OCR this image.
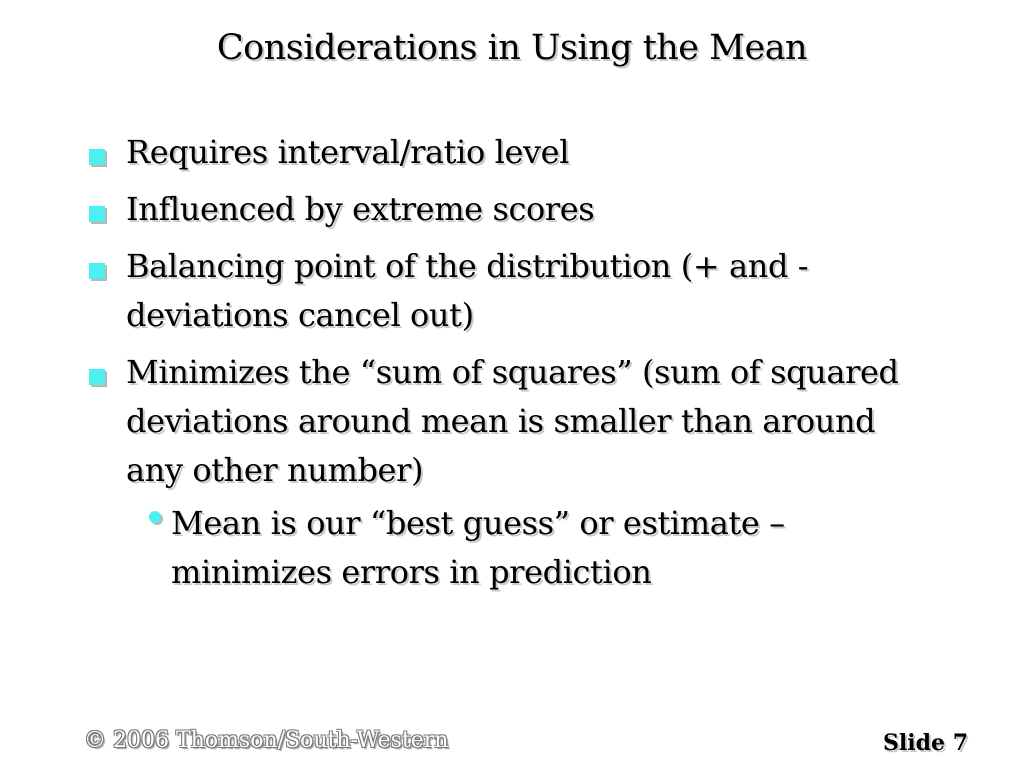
Considerations in Using the Mean
Requires interval/ratio level
Influenced by extreme scores
Balancing point of the distribution (+ and - deviations cancel out)
Minimizes the “sum of squares” (sum of squared deviations around mean is smaller than around any other number)
Mean is our “best guess” or estimate – minimizes errors in prediction
© 2006 Thomson/South-Western	Slide 7
